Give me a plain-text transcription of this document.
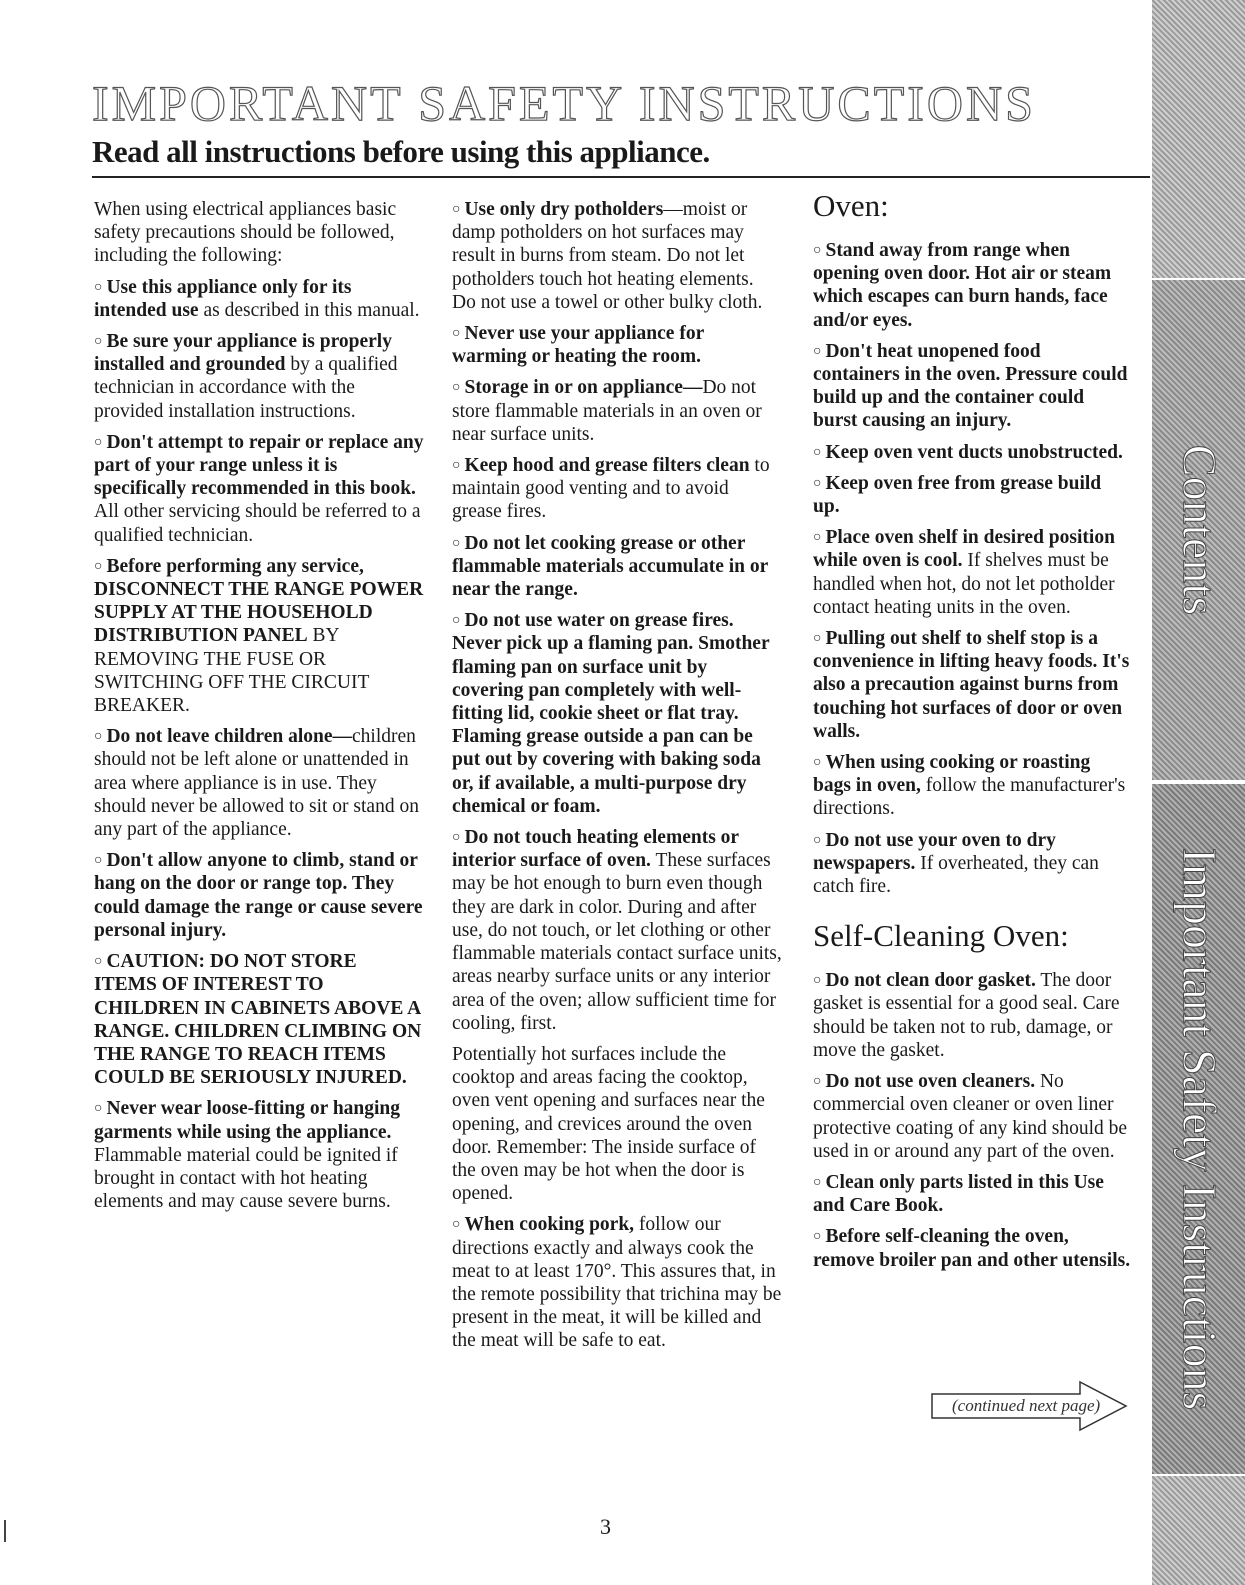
IMPORTANT SAFETY INSTRUCTIONS
Read all instructions before using this appliance.

When using electrical appliances basic safety precautions should be followed, including the following:

○ Use this appliance only for its intended use as described in this manual.

○ Be sure your appliance is properly installed and grounded by a qualified technician in accordance with the provided installation instructions.

○ Don't attempt to repair or replace any part of your range unless it is specifically recommended in this book. All other servicing should be referred to a qualified technician.

○ Before performing any service, DISCONNECT THE RANGE POWER SUPPLY AT THE HOUSEHOLD DISTRIBUTION PANEL BY REMOVING THE FUSE OR SWITCHING OFF THE CIRCUIT BREAKER.

○ Do not leave children alone—children should not be left alone or unattended in area where appliance is in use. They should never be allowed to sit or stand on any part of the appliance.

○ Don't allow anyone to climb, stand or hang on the door or range top. They could damage the range or cause severe personal injury.

○ CAUTION: DO NOT STORE ITEMS OF INTEREST TO CHILDREN IN CABINETS ABOVE A RANGE. CHILDREN CLIMBING ON THE RANGE TO REACH ITEMS COULD BE SERIOUSLY INJURED.

○ Never wear loose-fitting or hanging garments while using the appliance. Flammable material could be ignited if brought in contact with hot heating elements and may cause severe burns.

○ Use only dry potholders—moist or damp potholders on hot surfaces may result in burns from steam. Do not let potholders touch hot heating elements. Do not use a towel or other bulky cloth.

○ Never use your appliance for warming or heating the room.

○ Storage in or on appliance—Do not store flammable materials in an oven or near surface units.

○ Keep hood and grease filters clean to maintain good venting and to avoid grease fires.

○ Do not let cooking grease or other flammable materials accumulate in or near the range.

○ Do not use water on grease fires. Never pick up a flaming pan. Smother flaming pan on surface unit by covering pan completely with well-fitting lid, cookie sheet or flat tray. Flaming grease outside a pan can be put out by covering with baking soda or, if available, a multi-purpose dry chemical or foam.

○ Do not touch heating elements or interior surface of oven. These surfaces may be hot enough to burn even though they are dark in color. During and after use, do not touch, or let clothing or other flammable materials contact surface units, areas nearby surface units or any interior area of the oven; allow sufficient time for cooling, first.

Potentially hot surfaces include the cooktop and areas facing the cooktop, oven vent opening and surfaces near the opening, and crevices around the oven door. Remember: The inside surface of the oven may be hot when the door is opened.

○ When cooking pork, follow our directions exactly and always cook the meat to at least 170°. This assures that, in the remote possibility that trichina may be present in the meat, it will be killed and the meat will be safe to eat.

Oven:

○ Stand away from range when opening oven door. Hot air or steam which escapes can burn hands, face and/or eyes.

○ Don't heat unopened food containers in the oven. Pressure could build up and the container could burst causing an injury.

○ Keep oven vent ducts unobstructed.

○ Keep oven free from grease build up.

○ Place oven shelf in desired position while oven is cool. If shelves must be handled when hot, do not let potholder contact heating units in the oven.

○ Pulling out shelf to shelf stop is a convenience in lifting heavy foods. It's also a precaution against burns from touching hot surfaces of door or oven walls.

○ When using cooking or roasting bags in oven, follow the manufacturer's directions.

○ Do not use your oven to dry newspapers. If overheated, they can catch fire.

Self-Cleaning Oven:

○ Do not clean door gasket. The door gasket is essential for a good seal. Care should be taken not to rub, damage, or move the gasket.

○ Do not use oven cleaners. No commercial oven cleaner or oven liner protective coating of any kind should be used in or around any part of the oven.

○ Clean only parts listed in this Use and Care Book.

○ Before self-cleaning the oven, remove broiler pan and other utensils.

(continued next page)
Contents
Important Safety Instructions
3
